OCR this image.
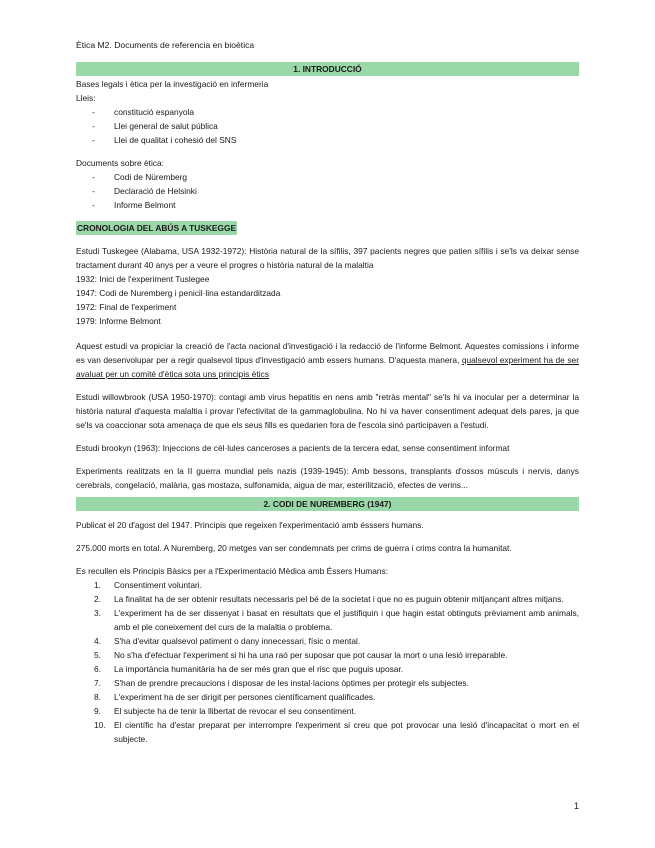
Ètica M2. Documents de referencia en bioètica
1. INTRODUCCIÓ

Bases legals i ètica per la investigació en infermeria

Lleis:

- constitució espanyola
- Llei general de salut pública
- Llei de qualitat i cohesió del SNS

Documents sobre ètica:

- Codi de Nüremberg
- Declaració de Helsinki
- Informe Belmont

CRONOLOGIA DEL ABÚS A TUSKEGGE

Estudi Tuskegee (Alabama, USA 1932-1972): Història natural de la sífilis, 397 pacients negres que patien sífilis i se'ls va deixar sense tractament durant 40 anys per a veure el progres o història natural de la malaltia

1932: Inici de l'experiment Tuslegee

1947: Codi de Nuremberg i penicil·lina estandarditzada

1972: Final de l'experiment

1979: Informe Belmont

Aquest estudi va propiciar la creació de l'acta nacional d'investigació i la redacció de l'informe Belmont. Aquestes comissions i informe es van desenvolupar per a regir qualsevol tipus d'investigació amb essers humans. D'aquesta manera, qualsevol experiment ha de ser avaluat per un comitè d'ètica sota uns principis ètics

Estudi willowbrook (USA 1950-1970): contagi amb virus hepatitis en nens amb "retràs mental" se'ls hi va inocular per a determinar la història natural d'aquesta malaltia i provar l'efectivitat de la gammaglobulina. No hi va haver consentiment adequat dels pares, ja que se'ls va coaccionar sota amenaça de que els seus fills es quedarien fora de l'escola sinó participaven a l'estudi.

Estudi brookyn (1963): Injeccions de cèl·lules canceroses a pacients de la tercera edat, sense consentiment informat

Experiments realitzats en la II guerra mundial pels nazis (1939-1945): Amb bessons, transplants d'ossos músculs i nervis, danys cerebrals, congelació, malària, gas mostaza, sulfonamida, aigua de mar, esterilització, efectes de verins...

2. CODI DE NUREMBERG (1947)

Publicat el 20 d'agost del 1947. Principis que regeixen l'experimentació amb ésssers humans.

275.000 morts en total. A Nuremberg, 20 metges van ser condemnats per crims de guerra i crims contra la humanitat.

Es recullen els Principis Bàsics per a l'Experimentació Mèdica amb Éssers Humans:

1. Consentiment voluntari.
2. La finalitat ha de ser obtenir resultats necessaris pel bé de la societat i que no es puguin obtenir mitjançant altres mitjans.
3. L'experiment ha de ser dissenyat i basat en resultats que el justifiquin i que hagin estat obtinguts prèviament amb animals, amb el ple coneixement del curs de la malaltia o problema.
4. S'ha d'evitar qualsevol patiment o dany innecessari, físic o mental.
5. No s'ha d'efectuar l'experiment si hi ha una raó per suposar que pot causar la mort o una lesió irreparable.
6. La importància humanitària ha de ser més gran que el risc que puguis uposar.
7. S'han de prendre precaucions i disposar de les instal·lacions òptimes per protegir els subjectes.
8. L'experiment ha de ser dirigit per persones científicament qualificades.
9. El subjecte ha de tenir la llibertat de revocar el seu consentiment.
10. El científic ha d'estar preparat per interrompre l'experiment si creu que pot provocar una lesió d'incapacitat o mort en el subjecte.
1
